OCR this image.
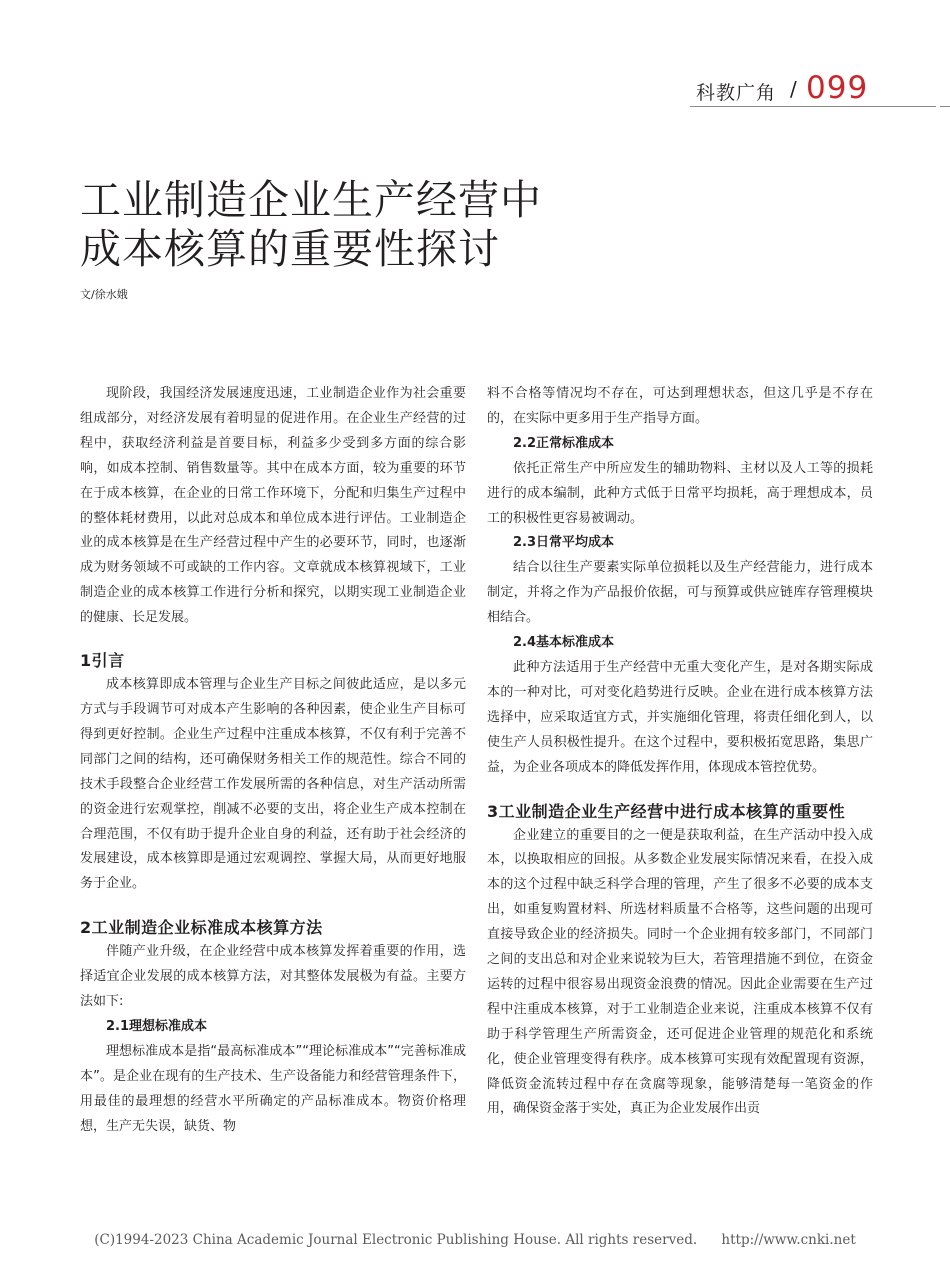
科教广角 / 099
工业制造企业生产经营中
成本核算的重要性探讨
文/徐水娥

现阶段，我国经济发展速度迅速，工业制造企业作为社会重要组成部分，对经济发展有着明显的促进作用。在企业生产经营的过程中，获取经济利益是首要目标，利益多少受到多方面的综合影响，如成本控制、销售数量等。其中在成本方面，较为重要的环节在于成本核算，在企业的日常工作环境下，分配和归集生产过程中的整体耗材费用，以此对总成本和单位成本进行评估。工业制造企业的成本核算是在生产经营过程中产生的必要环节，同时，也逐渐成为财务领域不可或缺的工作内容。文章就成本核算视域下，工业制造企业的成本核算工作进行分析和探究，以期实现工业制造企业的健康、长足发展。

1引言

成本核算即成本管理与企业生产目标之间彼此适应，是以多元方式与手段调节可对成本产生影响的各种因素，使企业生产目标可得到更好控制。企业生产过程中注重成本核算，不仅有利于完善不同部门之间的结构，还可确保财务相关工作的规范性。综合不同的技术手段整合企业经营工作发展所需的各种信息，对生产活动所需的资金进行宏观掌控，削减不必要的支出，将企业生产成本控制在合理范围，不仅有助于提升企业自身的利益，还有助于社会经济的发展建设，成本核算即是通过宏观调控、掌握大局，从而更好地服务于企业。

2工业制造企业标准成本核算方法

伴随产业升级，在企业经营中成本核算发挥着重要的作用，选择适宜企业发展的成本核算方法，对其整体发展极为有益。主要方法如下:

2.1理想标准成本

理想标准成本是指“最高标准成本”“理论标准成本”“完善标准成本”。是企业在现有的生产技术、生产设备能力和经营管理条件下，用最佳的最理想的经营水平所确定的产品标准成本。物资价格理想，生产无失误，缺货、物

料不合格等情况均不存在，可达到理想状态，但这几乎是不存在的，在实际中更多用于生产指导方面。

2.2正常标准成本

依托正常生产中所应发生的辅助物料、主材以及人工等的损耗进行的成本编制，此种方式低于日常平均损耗，高于理想成本，员工的积极性更容易被调动。

2.3日常平均成本

结合以往生产要素实际单位损耗以及生产经营能力，进行成本制定，并将之作为产品报价依据，可与预算或供应链库存管理模块相结合。

2.4基本标准成本

此种方法适用于生产经营中无重大变化产生，是对各期实际成本的一种对比，可对变化趋势进行反映。企业在进行成本核算方法选择中，应采取适宜方式，并实施细化管理，将责任细化到人，以使生产人员积极性提升。在这个过程中，要积极拓宽思路，集思广益，为企业各项成本的降低发挥作用，体现成本管控优势。

3工业制造企业生产经营中进行成本核算的重要性

企业建立的重要目的之一便是获取利益，在生产活动中投入成本，以换取相应的回报。从多数企业发展实际情况来看，在投入成本的这个过程中缺乏科学合理的管理，产生了很多不必要的成本支出，如重复购置材料、所选材料质量不合格等，这些问题的出现可直接导致企业的经济损失。同时一个企业拥有较多部门，不同部门之间的支出总和对企业来说较为巨大，若管理措施不到位，在资金运转的过程中很容易出现资金浪费的情况。因此企业需要在生产过程中注重成本核算，对于工业制造企业来说，注重成本核算不仅有助于科学管理生产所需资金，还可促进企业管理的规范化和系统化，使企业管理变得有秩序。成本核算可实现有效配置现有资源，降低资金流转过程中存在贪腐等现象，能够清楚每一笔资金的作用，确保资金落于实处，真正为企业发展作出贡

(C)1994-2023 China Academic Journal Electronic Publishing House. All rights reserved. http://www.cnki.net
